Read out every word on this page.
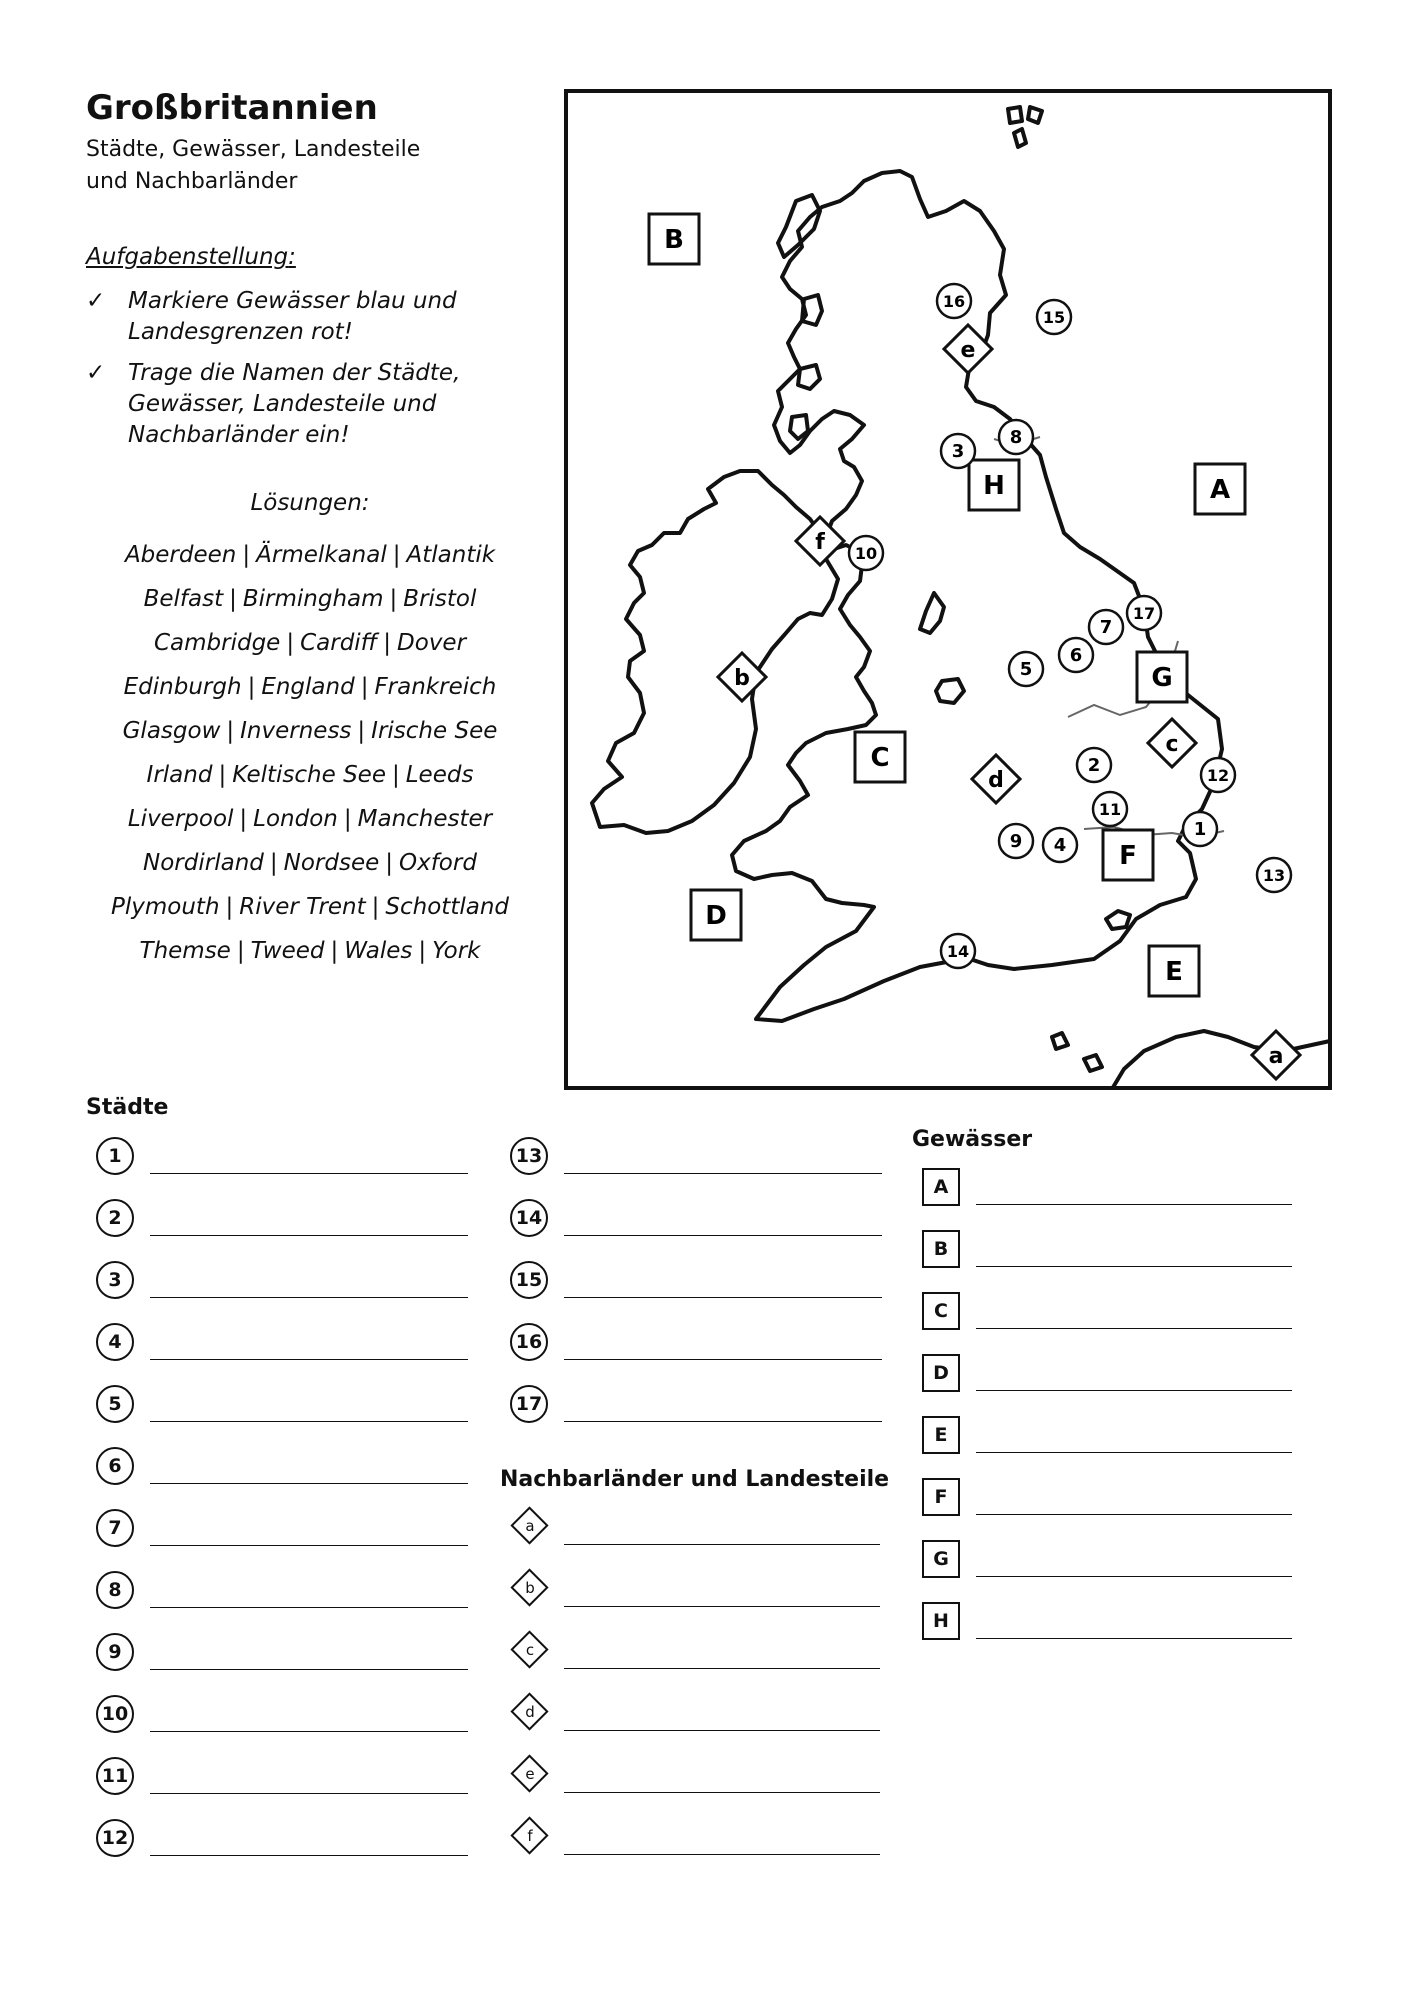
Großbritannien
Städte, Gewässer, Landesteile
und Nachbarländer
Aufgabenstellung:
✓ Markiere Gewässer blau und Landesgrenzen rot!
✓ Trage die Namen der Städte, Gewässer, Landesteile und Nachbarländer ein!
Lösungen:
Aberdeen | Ärmelkanal | Atlantik
Belfast | Birmingham | Bristol
Cambridge | Cardiff | Dover
Edinburgh | England | Frankreich
Glasgow | Inverness | Irische See
Irland | Keltische See | Leeds
Liverpool | London | Manchester
Nordirland | Nordsee | Oxford
Plymouth | River Trent | Schottland
Themse | Tweed | Wales | York
A
B
C
D
E
F
G
H
1
2
3
4
5
6
7
8
9
10
11
12
13
14
15
16
17
a
b
c
d
e
f
Städte
Gewässer
Nachbarländer und Landesteile
1
2
3
4
5
6
7
8
9
10
11
12
13
14
15
16
17
A
B
C
D
E
F
G
H
a
b
c
d
e
f
